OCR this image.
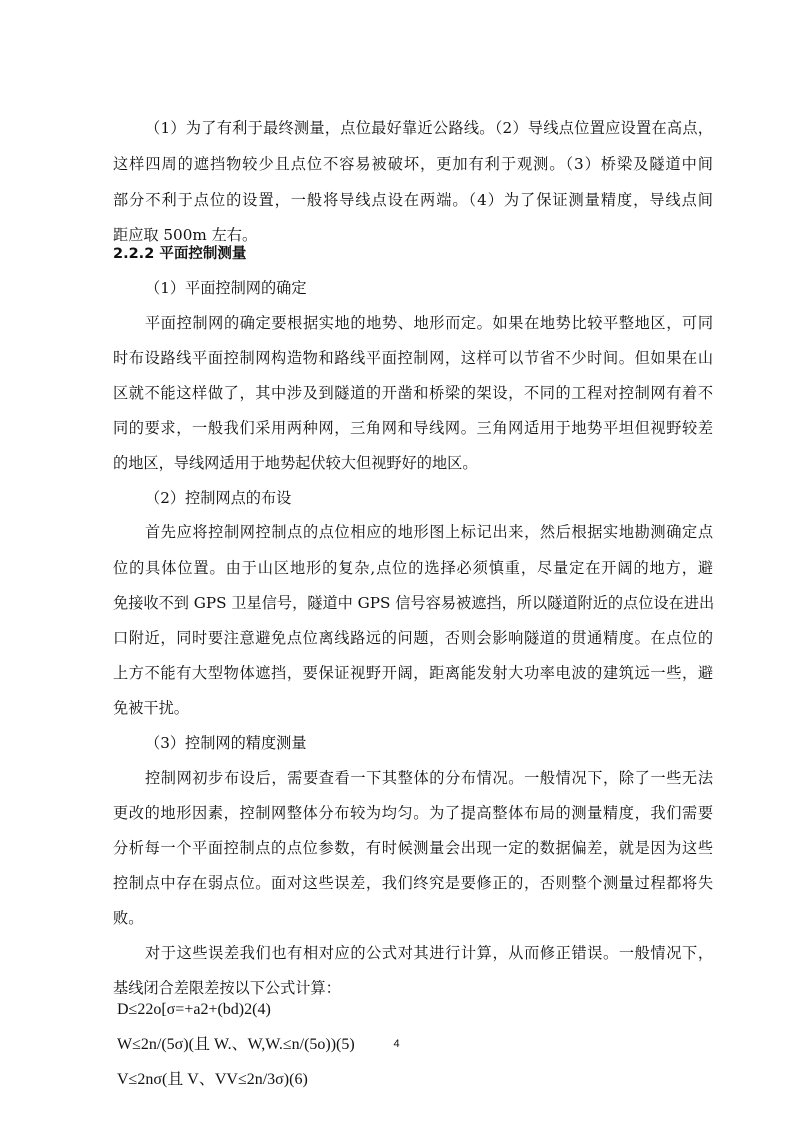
（1）为了有利于最终测量，点位最好靠近公路线。（2）导线点位置应设置在高点，
这样四周的遮挡物较少且点位不容易被破坏，更加有利于观测。（3）桥梁及隧道中间
部分不利于点位的设置，一般将导线点设在两端。（4）为了保证测量精度，导线点间
距应取 500m 左右。
2.2.2 平面控制测量
（1）平面控制网的确定
平面控制网的确定要根据实地的地势、地形而定。如果在地势比较平整地区，可同
时布设路线平面控制网构造物和路线平面控制网，这样可以节省不少时间。但如果在山
区就不能这样做了，其中涉及到隧道的开凿和桥梁的架设，不同的工程对控制网有着不
同的要求，一般我们采用两种网，三角网和导线网。三角网适用于地势平坦但视野较差
的地区，导线网适用于地势起伏较大但视野好的地区。
（2）控制网点的布设
首先应将控制网控制点的点位相应的地形图上标记出来，然后根据实地勘测确定点
位的具体位置。由于山区地形的复杂,点位的选择必须慎重，尽量定在开阔的地方，避
免接收不到 GPS 卫星信号，隧道中 GPS 信号容易被遮挡，所以隧道附近的点位设在进出
口附近，同时要注意避免点位离线路远的问题，否则会影响隧道的贯通精度。在点位的
上方不能有大型物体遮挡，要保证视野开阔，距离能发射大功率电波的建筑远一些，避
免被干扰。
（3）控制网的精度测量
控制网初步布设后，需要查看一下其整体的分布情况。一般情况下，除了一些无法
更改的地形因素，控制网整体分布较为均匀。为了提高整体布局的测量精度，我们需要
分析每一个平面控制点的点位参数，有时候测量会出现一定的数据偏差，就是因为这些
控制点中存在弱点位。面对这些误差，我们终究是要修正的，否则整个测量过程都将失
败。
对于这些误差我们也有相对应的公式对其进行计算，从而修正错误。一般情况下，
基线闭合差限差按以下公式计算：
D≤22o[σ=+a2+(bd)2(4)
W≤2n/(5σ)(且 W.、W,W.≤n/(5o))(5)
V≤2nσ(且 V、VV≤2n/3σ)(6)
4
